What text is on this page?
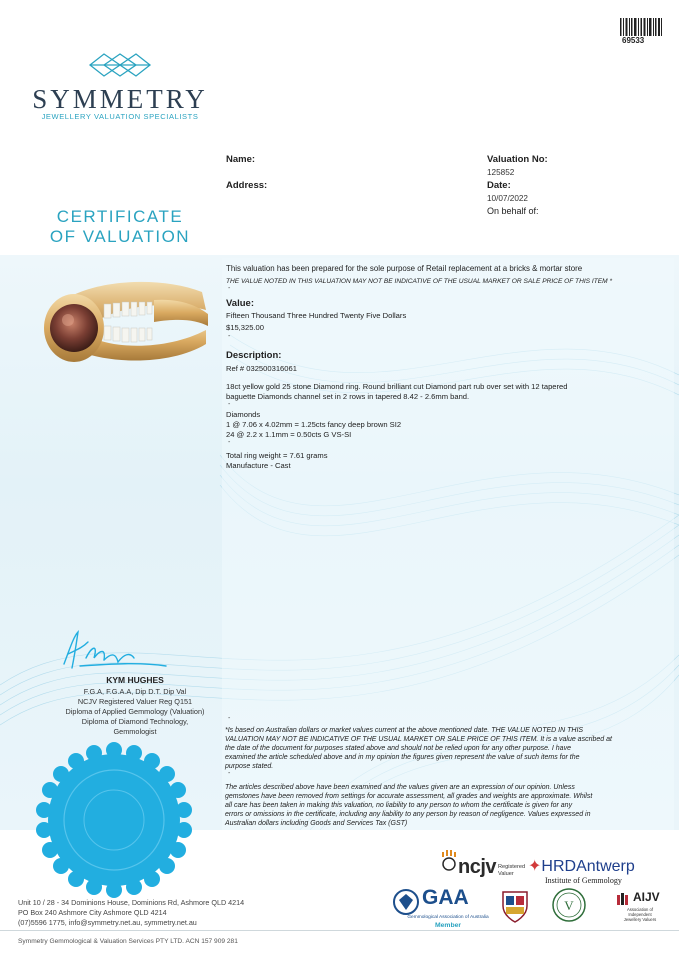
SYMMETRY
JEWELLERY VALUATION SPECIALISTS
69533
CERTIFICATE
OF VALUATION
Name:
Address:
Valuation No:
125852
Date:
10/07/2022
On behalf of:
This valuation has been prepared for the sole purpose of Retail replacement at a bricks & mortar store
THE VALUE NOTED IN THIS VALUATION MAY NOT BE INDICATIVE OF THE USUAL MARKET OR SALE PRICE OF THIS ITEM *
-
Value:
Fifteen Thousand Three Hundred Twenty Five Dollars
$15,325.00
-
Description:
Ref # 032500316061
18ct yellow gold 25 stone Diamond ring. Round brilliant cut Diamond part rub over set with 12 tapered
baguette Diamonds channel set in 2 rows in tapered 8.42 - 2.6mm band.
-
Diamonds
1 @ 7.06 x 4.02mm = 1.25cts fancy deep brown SI2
24 @ 2.2 x 1.1mm = 0.50cts G VS-SI
-
Total ring weight = 7.61 grams
Manufacture - Cast
KYM HUGHES
F.G.A, F.G.A.A, Dip D.T. Dip Val
NCJV Registered Valuer Reg Q151
Diploma of Applied Gemmology (Valuation)
Diploma of Diamond Technology,
Gemmologist
-
*Is based on Australian dollars or market values current at the above mentioned date. THE VALUE NOTED IN THIS
VALUATION MAY NOT BE INDICATIVE OF THE USUAL MARKET OR SALE PRICE OF THIS ITEM. It is a value ascribed at
the date of the document for purposes stated above and should not be relied upon for any other purpose. I have
examined the article scheduled above and in my opinion the figures given represent the value of such items for the
purpose stated.
-
The articles described above have been examined and the values given are an expression of our opinion. Unless
gemstones have been removed from settings for accurate assessment, all grades and weights are approximate. Whilst
all care has been taken in making this valuation, no liability to any person to whom the certificate is given for any
errors or omissions in the certificate, including any liability to any person by reason of negligence. Values expressed in
Australian dollars including Goods and Services Tax (GST)
ncjv Registered
Valuer ✦HRDAntwerp
Institute of Gemmology
GAA
Gemmological Association of Australia
Member

V
AIJV
Association of
Independent
Jewellery Valuers
Unit 10 / 28 - 34 Dominions House, Dominions Rd, Ashmore QLD 4214
PO Box 240 Ashmore City Ashmore QLD 4214
(07)5596 1775, info@symmetry.net.au, symmetry.net.au
Symmetry Gemmological & Valuation Services PTY LTD. ACN 157 909 281
